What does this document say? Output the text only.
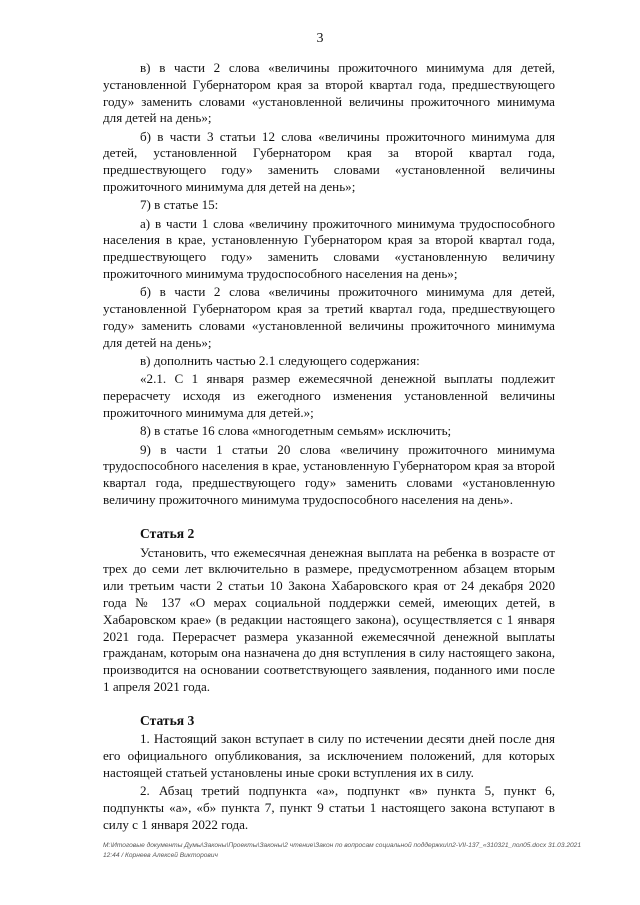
3

в) в части 2 слова «величины прожиточного минимума для детей, установленной Губернатором края за второй квартал года, предшествующего году» заменить словами «установленной величины прожиточного минимума для детей на день»;

б) в части 3 статьи 12 слова «величины прожиточного минимума для детей, установленной Губернатором края за второй квартал года, предшествующего году» заменить словами «установленной величины прожиточного минимума для детей на день»;

7) в статье 15:

а) в части 1 слова «величину прожиточного минимума трудоспособного населения в крае, установленную Губернатором края за второй квартал года, предшествующего году» заменить словами «установленную величину прожиточного минимума трудоспособного населения на день»;

б) в части 2 слова «величины прожиточного минимума для детей, установленной Губернатором края за третий квартал года, предшествующего году» заменить словами «установленной величины прожиточного минимума для детей на день»;

в) дополнить частью 2.1 следующего содержания:

«2.1. С 1 января размер ежемесячной денежной выплаты подлежит перерасчету исходя из ежегодного изменения установленной величины прожиточного минимума для детей.»;

8) в статье 16 слова «многодетным семьям» исключить;

9) в части 1 статьи 20 слова «величину прожиточного минимума трудоспособного населения в крае, установленную Губернатором края за второй квартал года, предшествующего году» заменить словами «установленную величину прожиточного минимума трудоспособного населения на день».

Статья 2

Установить, что ежемесячная денежная выплата на ребенка в возрасте от трех до семи лет включительно в размере, предусмотренном абзацем вторым или третьим части 2 статьи 10 Закона Хабаровского края от 24 декабря 2020 года № 137 «О мерах социальной поддержки семей, имеющих детей, в Хабаровском крае» (в редакции настоящего закона), осуществляется с 1 января 2021 года. Перерасчет размера указанной ежемесячной денежной выплаты гражданам, которым она назначена до дня вступления в силу настоящего закона, производится на основании соответствующего заявления, поданного ими после 1 апреля 2021 года.

Статья 3

1. Настоящий закон вступает в силу по истечении десяти дней после дня его официального опубликования, за исключением положений, для которых настоящей статьей установлены иные сроки вступления их в силу.

2. Абзац третий подпункта «а», подпункт «в» пункта 5, пункт 6, подпункты «а», «б» пункта 7, пункт 9 статьи 1 настоящего закона вступают в силу с 1 января 2022 года.

M:\Итоговые документы Думы\Законы\Проекты\Законы\2 чтение\Закон по вопросам социальной поддержки\п2-VII-137_«310321_пол05.docx 31.03.2021
12:44 / Корнеев Алексей Викторович
